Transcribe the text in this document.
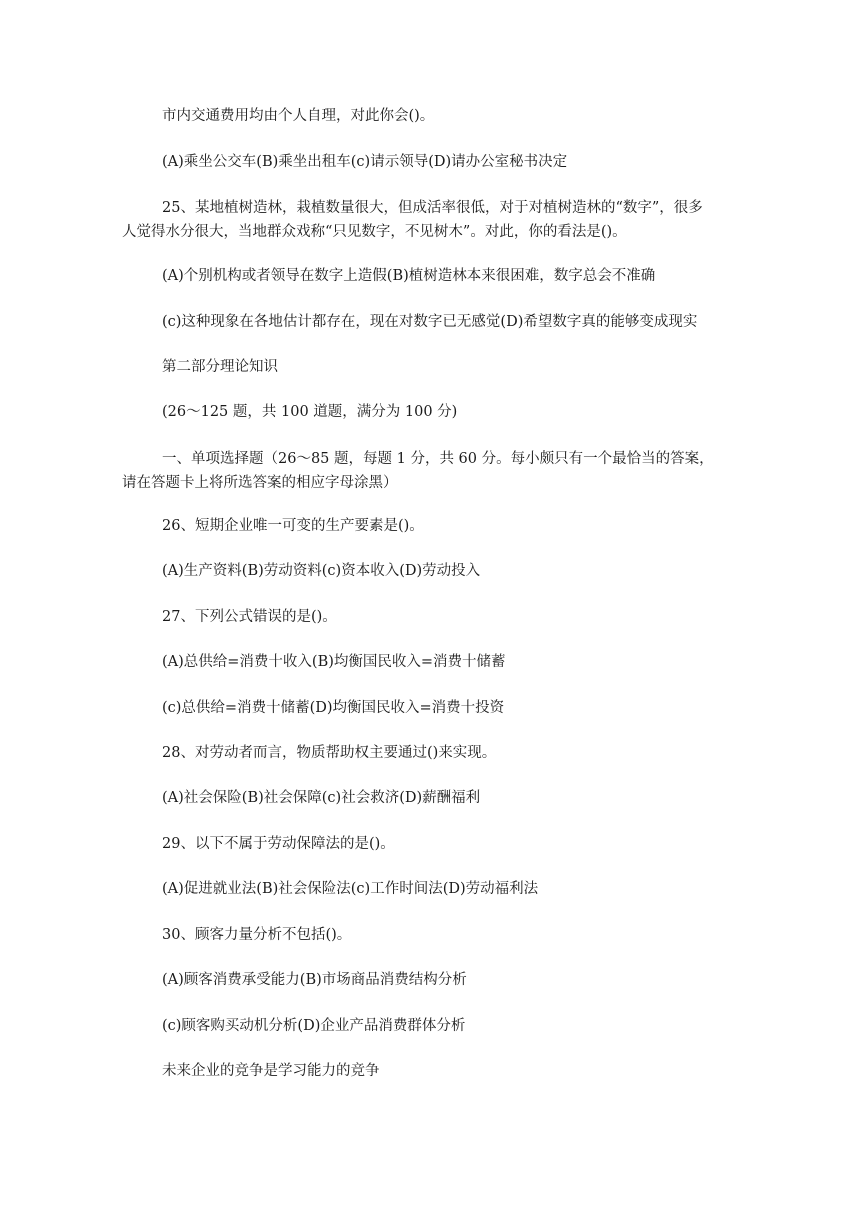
市内交通费用均由个人自理，对此你会()。
(A)乘坐公交车(B)乘坐出租车(c)请示领导(D)请办公室秘书决定
25、某地植树造林，栽植数量很大，但成活率很低，对于对植树造林的“数字”，很多
人觉得水分很大，当地群众戏称“只见数字，不见树木”。对此，你的看法是()。
(A)个别机构或者领导在数字上造假(B)植树造林本来很困难，数字总会不准确
(c)这种现象在各地估计都存在，现在对数字已无感觉(D)希望数字真的能够变成现实
第二部分理论知识
(26～125 题，共 100 道题，满分为 100 分)
一、单项选择题（26～85 题，每题 1 分，共 60 分。每小颇只有一个最恰当的答案，
请在答题卡上将所选答案的相应字母涂黑）
26、短期企业唯一可变的生产要素是()。
(A)生产资料(B)劳动资料(c)资本收入(D)劳动投入
27、下列公式错误的是()。
(A)总供给=消费十收入(B)均衡国民收入=消费十储蓄
(c)总供给=消费十储蓄(D)均衡国民收入=消费十投资
28、对劳动者而言，物质帮助权主要通过()来实现。
(A)社会保险(B)社会保障(c)社会救济(D)薪酬福利
29、以下不属于劳动保障法的是()。
(A)促进就业法(B)社会保险法(c)工作时间法(D)劳动福利法
30、顾客力量分析不包括()。
(A)顾客消费承受能力(B)市场商品消费结构分析
(c)顾客购买动机分析(D)企业产品消费群体分析
未来企业的竞争是学习能力的竞争
